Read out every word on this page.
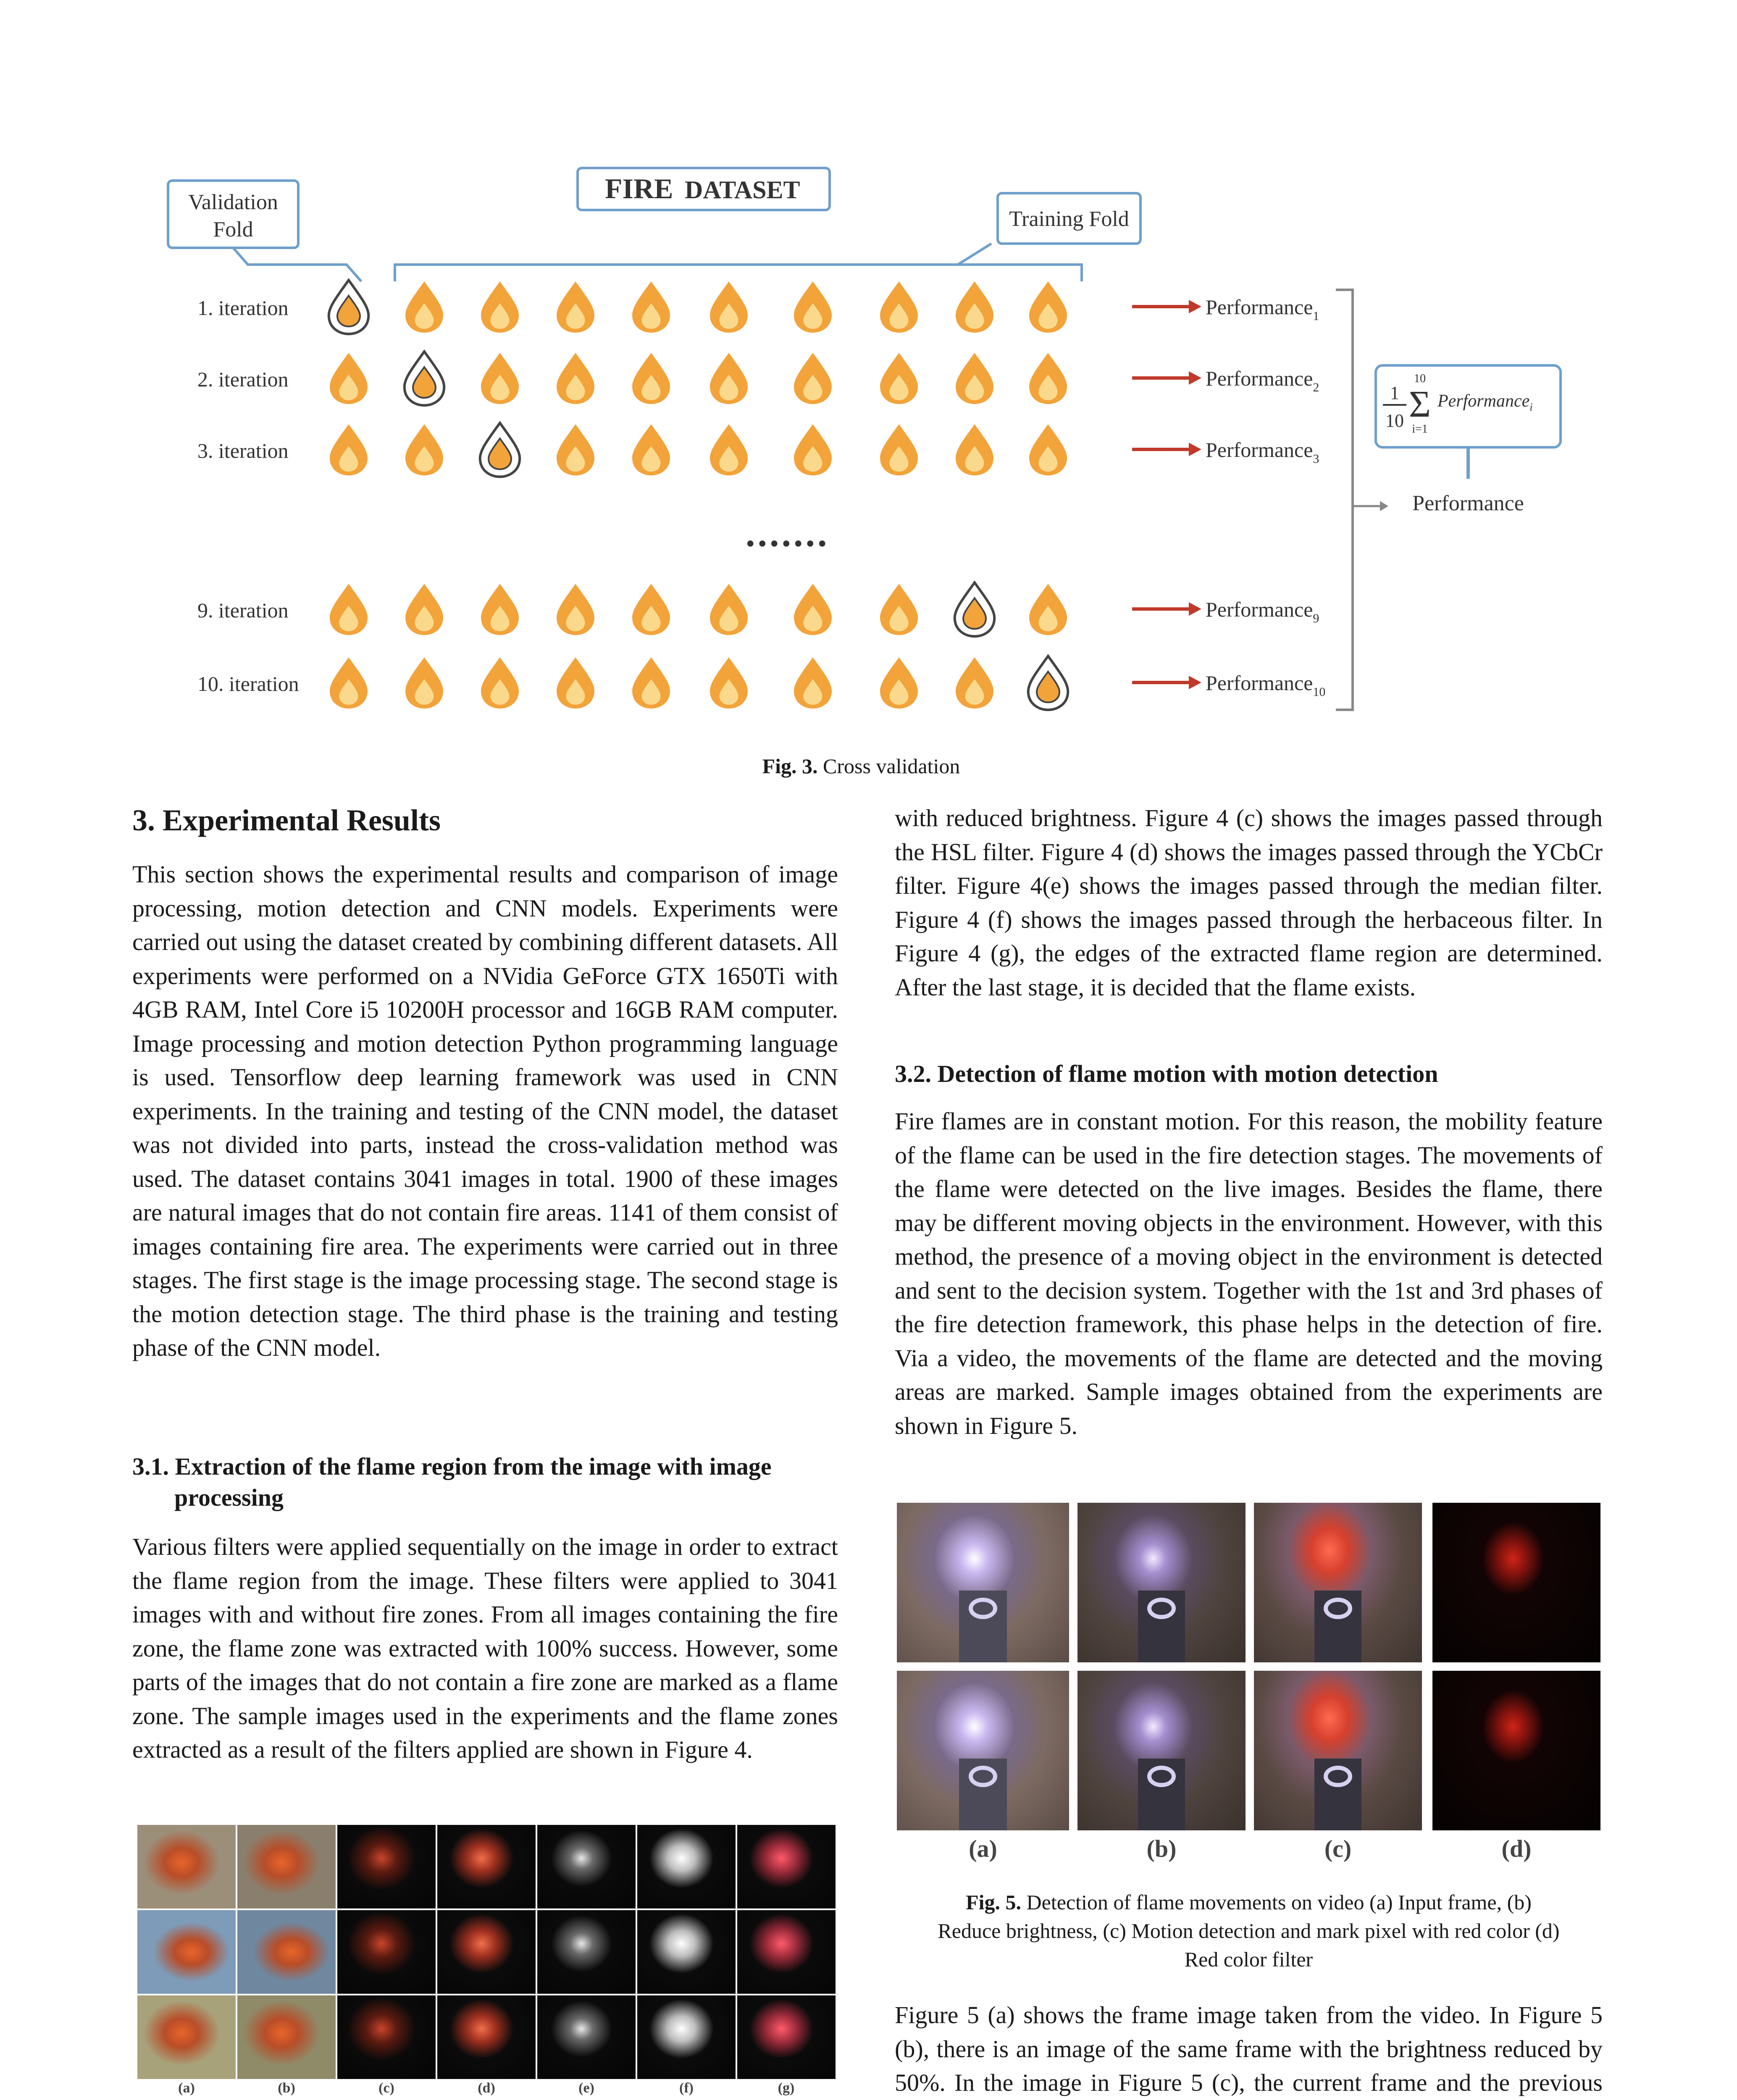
FIRE DATASET
Validation
Fold	Training Fold
1. iteration	Performance$_1$
2. iteration	Performance$_2$
3. iteration	Performance$_3$
9. iteration	Performance$_9$
10. iteration	Performance$_{10}$
.......
1
10
10
Σ
i=1
Performance$_i$
Performance
Fig. 3. Cross validation
3. Experimental Results

This section shows the experimental results and comparison of image processing, motion detection and CNN models. Experiments were carried out using the dataset created by combining different datasets. All experiments were performed on a NVidia GeForce GTX 1650Ti with 4GB RAM, Intel Core i5 10200H processor and 16GB RAM computer. Image processing and motion detection Python programming language is used. Tensorflow deep learning framework was used in CNN experiments. In the training and testing of the CNN model, the dataset was not divided into parts, instead the cross-validation method was used. The dataset contains 3041 images in total. 1900 of these images are natural images that do not contain fire areas. 1141 of them consist of images containing fire area. The experiments were carried out in three stages. The first stage is the image processing stage. The second stage is the motion detection stage. The third phase is the training and testing phase of the CNN model.

3.1. Extraction of the flame region from the image with image
processing

Various filters were applied sequentially on the image in order to extract the flame region from the image. These filters were applied to 3041 images with and without fire zones. From all images containing the fire zone, the flame zone was extracted with 100% success. However, some parts of the images that do not contain a fire zone are marked as a flame zone. The sample images used in the experiments and the flame zones extracted as a result of the filters applied are shown in Figure 4.

(a)	(b)	(c)	(d)	(e)	(f)	(g)

with reduced brightness. Figure 4 (c) shows the images passed through the HSL filter. Figure 4 (d) shows the images passed through the YCbCr filter. Figure 4(e) shows the images passed through the median filter. Figure 4 (f) shows the images passed through the herbaceous filter. In Figure 4 (g), the edges of the extracted flame region are determined. After the last stage, it is decided that the flame exists.

3.2. Detection of flame motion with motion detection

Fire flames are in constant motion. For this reason, the mobility feature of the flame can be used in the fire detection stages. The movements of the flame were detected on the live images. Besides the flame, there may be different moving objects in the environment. However, with this method, the presence of a moving object in the environment is detected and sent to the decision system. Together with the 1st and 3rd phases of the fire detection framework, this phase helps in the detection of fire. Via a video, the movements of the flame are detected and the moving areas are marked. Sample images obtained from the experiments are shown in Figure 5.

(a)	(b)	(c)	(d)
Fig. 5. Detection of flame movements on video (a) Input frame, (b)
Reduce brightness, (c) Motion detection and mark pixel with red color (d)
Red color filter

Figure 5 (a) shows the frame image taken from the video. In Figure 5 (b), there is an image of the same frame with the brightness reduced by 50%. In the image in Figure 5 (c), the current frame and the previous
